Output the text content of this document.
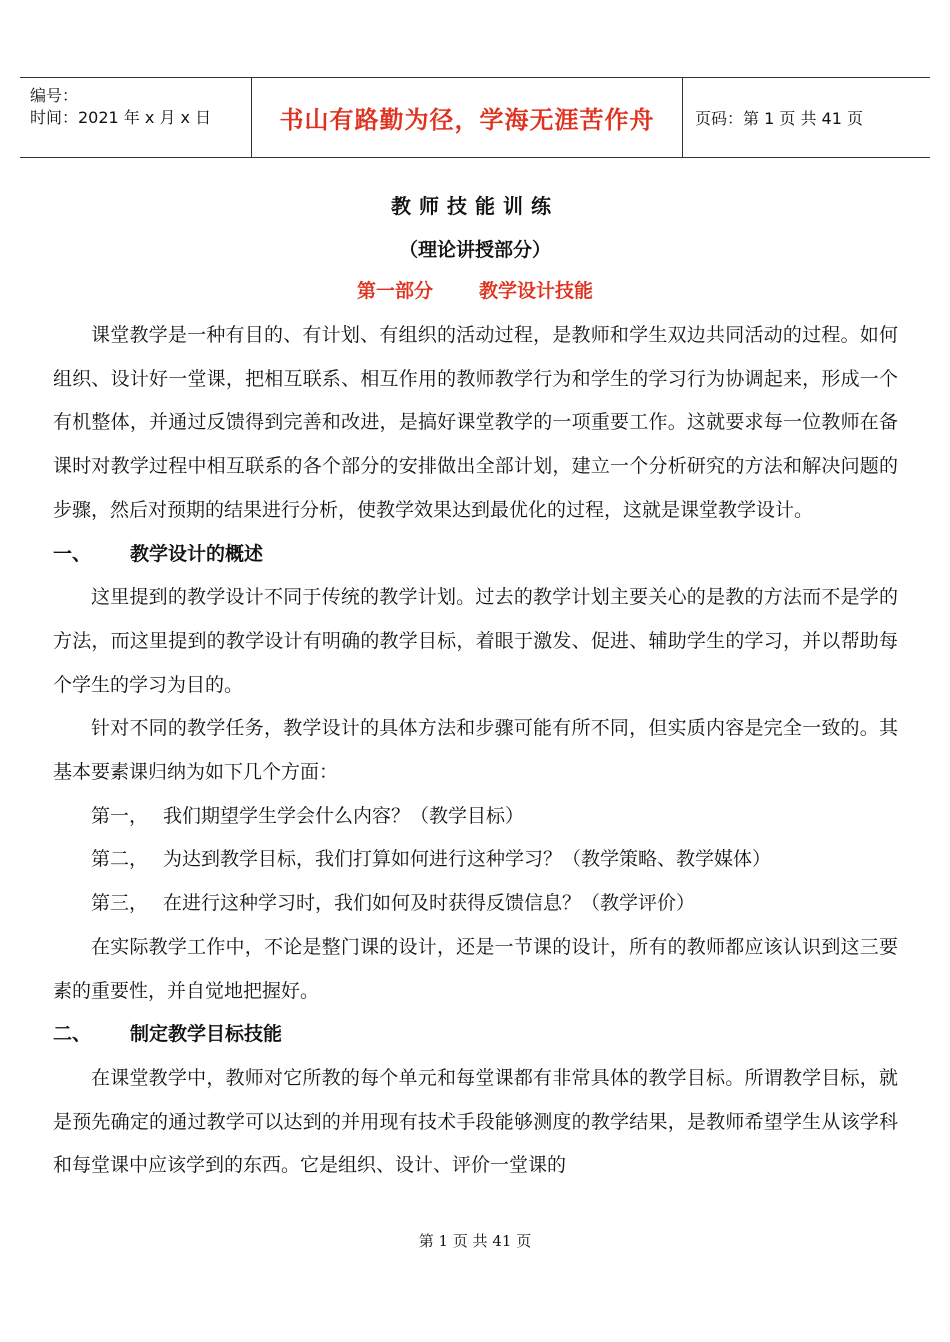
编号：
时间：2021 年 x 月 x 日	书山有路勤为径，学海无涯苦作舟	页码：第 1 页 共 41 页
教师技能训练
（理论讲授部分）
第一部分 教学设计技能

课堂教学是一种有目的、有计划、有组织的活动过程，是教师和学生双边共同活动的过程。如何组织、设计好一堂课，把相互联系、相互作用的教师教学行为和学生的学习行为协调起来，形成一个有机整体，并通过反馈得到完善和改进，是搞好课堂教学的一项重要工作。这就要求每一位教师在备课时对教学过程中相互联系的各个部分的安排做出全部计划，建立一个分析研究的方法和解决问题的步骤，然后对预期的结果进行分析，使教学效果达到最优化的过程，这就是课堂教学设计。

一、 教学设计的概述

这里提到的教学设计不同于传统的教学计划。过去的教学计划主要关心的是教的方法而不是学的方法，而这里提到的教学设计有明确的教学目标，着眼于激发、促进、辅助学生的学习，并以帮助每个学生的学习为目的。

针对不同的教学任务，教学设计的具体方法和步骤可能有所不同，但实质内容是完全一致的。其基本要素课归纳为如下几个方面：

第一， 我们期望学生学会什么内容？（教学目标）

第二， 为达到教学目标，我们打算如何进行这种学习？（教学策略、教学媒体）

第三， 在进行这种学习时，我们如何及时获得反馈信息？（教学评价）

在实际教学工作中，不论是整门课的设计，还是一节课的设计，所有的教师都应该认识到这三要素的重要性，并自觉地把握好。

二、 制定教学目标技能

在课堂教学中，教师对它所教的每个单元和每堂课都有非常具体的教学目标。所谓教学目标，就是预先确定的通过教学可以达到的并用现有技术手段能够测度的教学结果，是教师希望学生从该学科和每堂课中应该学到的东西。它是组织、设计、评价一堂课的

第 1 页 共 41 页
